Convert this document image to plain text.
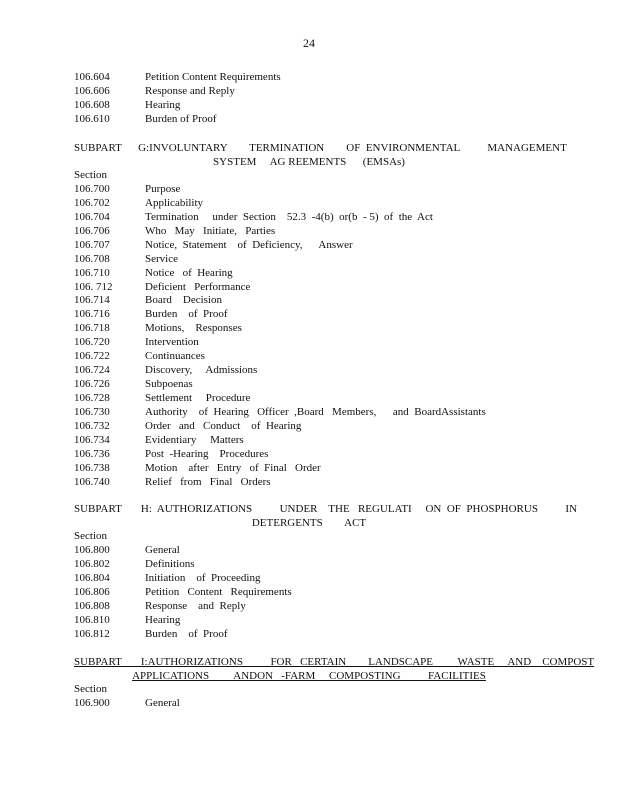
24
106.604	Petition Content Requirements
106.606	Response and Reply
106.608	Hearing
106.610	Burden of Proof
SUBPART      G:INVOLUNTARY        TERMINATION        OF  ENVIRONMENTAL          MANAGEMENT
SYSTEM     AG REEMENTS      (EMSAs)
Section
106.700	Purpose
106.702	Applicability
106.704	Termination     under  Section    52.3  -4(b)  or(b  - 5)  of  the  Act
106.706	Who   May   Initiate,   Parties
106.707	Notice,  Statement    of  Deficiency,      Answer
106.708	Service
106.710	Notice   of  Hearing
106. 712	Deficient   Performance
106.714	Board    Decision
106.716	Burden    of  Proof
106.718	Motions,    Responses
106.720	Intervention
106.722	Continuances
106.724	Discovery,     Admissions
106.726	Subpoenas
106.728	Settlement     Procedure
106.730	Authority    of  Hearing   Officer  ,Board   Members,      and  BoardAssistants
106.732	Order   and   Conduct    of  Hearing
106.734	Evidentiary     Matters
106.736	Post  -Hearing    Procedures
106.738	Motion    after   Entry   of  Final   Order
106.740	Relief   from   Final   Orders
SUBPART       H:  AUTHORIZATIONS          UNDER    THE   REGULATI     ON  OF  PHOSPHORUS          IN
DETERGENTS        ACT
Section
106.800	General
106.802	Definitions
106.804	Initiation    of  Proceeding
106.806	Petition   Content   Requirements
106.808	Response    and  Reply
106.810	Hearing
106.812	Burden    of  Proof
SUBPART       I:AUTHORIZATIONS          FOR   CERTAIN        LANDSCAPE         WASTE     AND    COMPOST
APPLICATIONS         ANDON   -FARM     COMPOSTING          FACILITIES
Section
106.900	General
